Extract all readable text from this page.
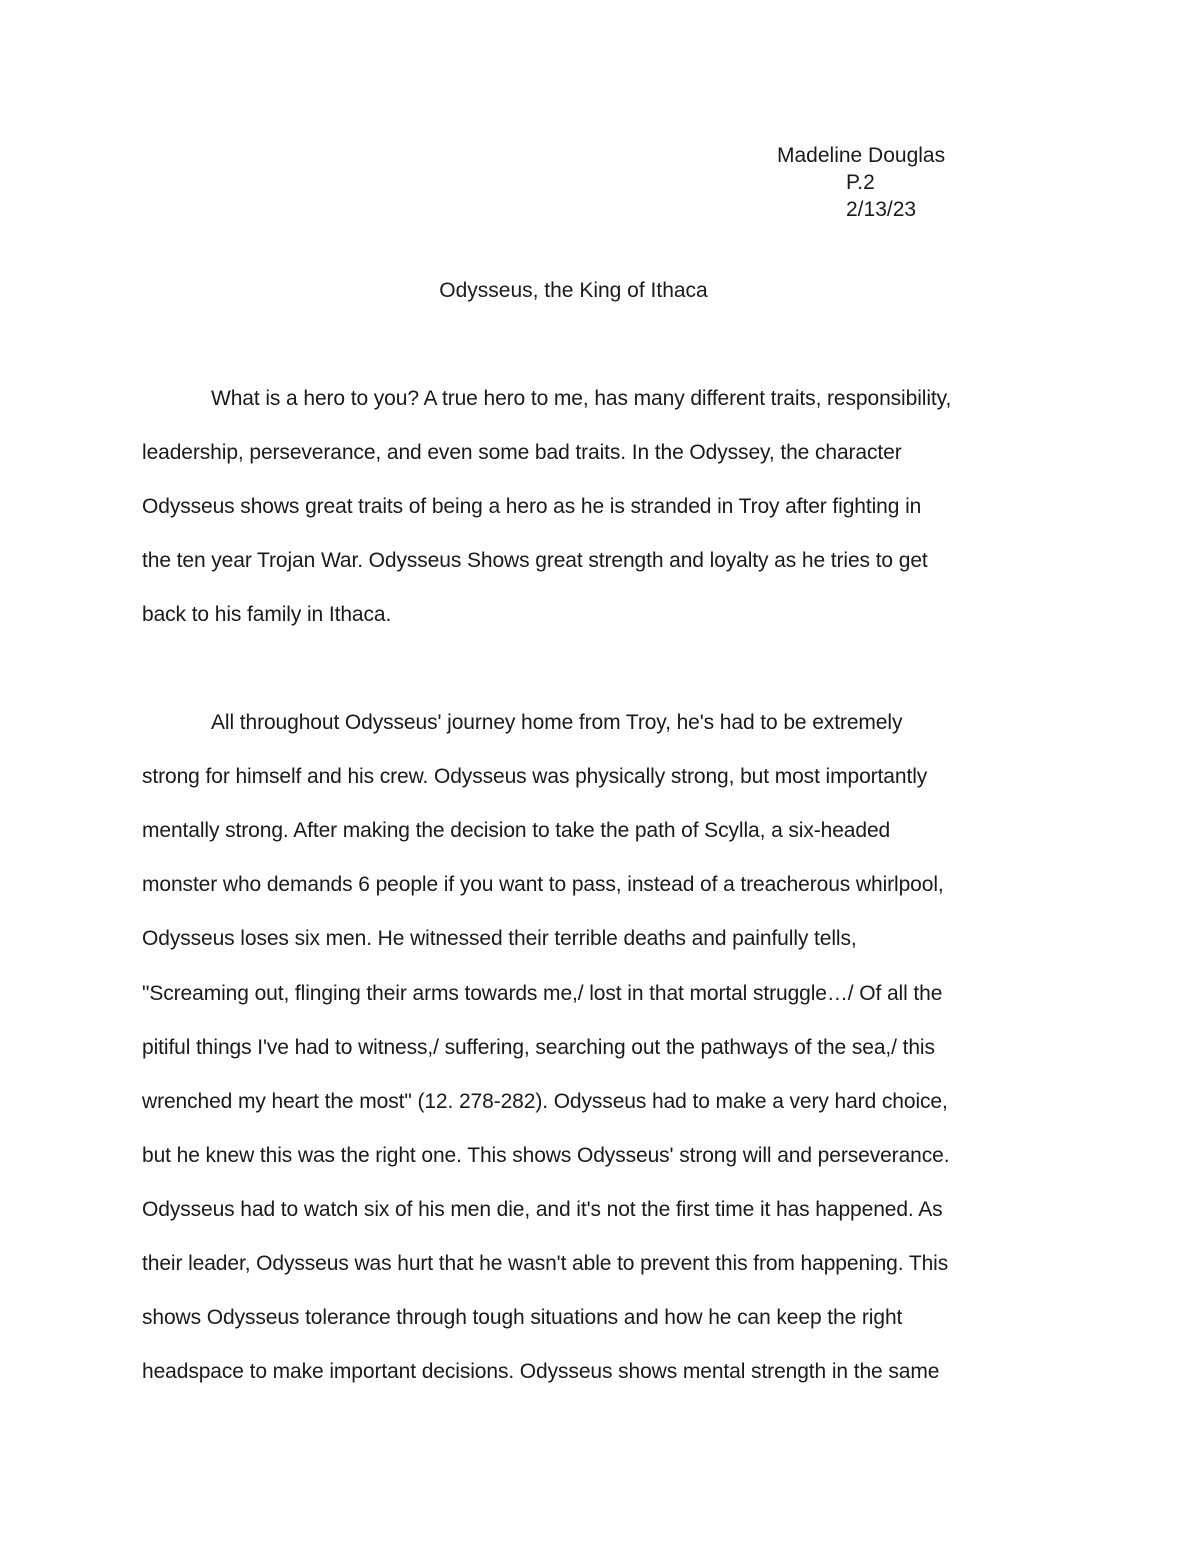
Madeline Douglas
P.2
2/13/23
Odysseus, the King of Ithaca
What is a hero to you? A true hero to me, has many different traits, responsibility,
leadership, perseverance, and even some bad traits. In the Odyssey, the character
Odysseus shows great traits of being a hero as he is stranded in Troy after fighting in
the ten year Trojan War. Odysseus Shows great strength and loyalty as he tries to get
back to his family in Ithaca.
All throughout Odysseus' journey home from Troy, he's had to be extremely
strong for himself and his crew. Odysseus was physically strong, but most importantly
mentally strong. After making the decision to take the path of Scylla, a six-headed
monster who demands 6 people if you want to pass, instead of a treacherous whirlpool,
Odysseus loses six men. He witnessed their terrible deaths and painfully tells,
"Screaming out, flinging their arms towards me,/ lost in that mortal struggle…/ Of all the
pitiful things I've had to witness,/ suffering, searching out the pathways of the sea,/ this
wrenched my heart the most" (12. 278-282). Odysseus had to make a very hard choice,
but he knew this was the right one. This shows Odysseus' strong will and perseverance.
Odysseus had to watch six of his men die, and it's not the first time it has happened. As
their leader, Odysseus was hurt that he wasn't able to prevent this from happening. This
shows Odysseus tolerance through tough situations and how he can keep the right
headspace to make important decisions. Odysseus shows mental strength in the same
